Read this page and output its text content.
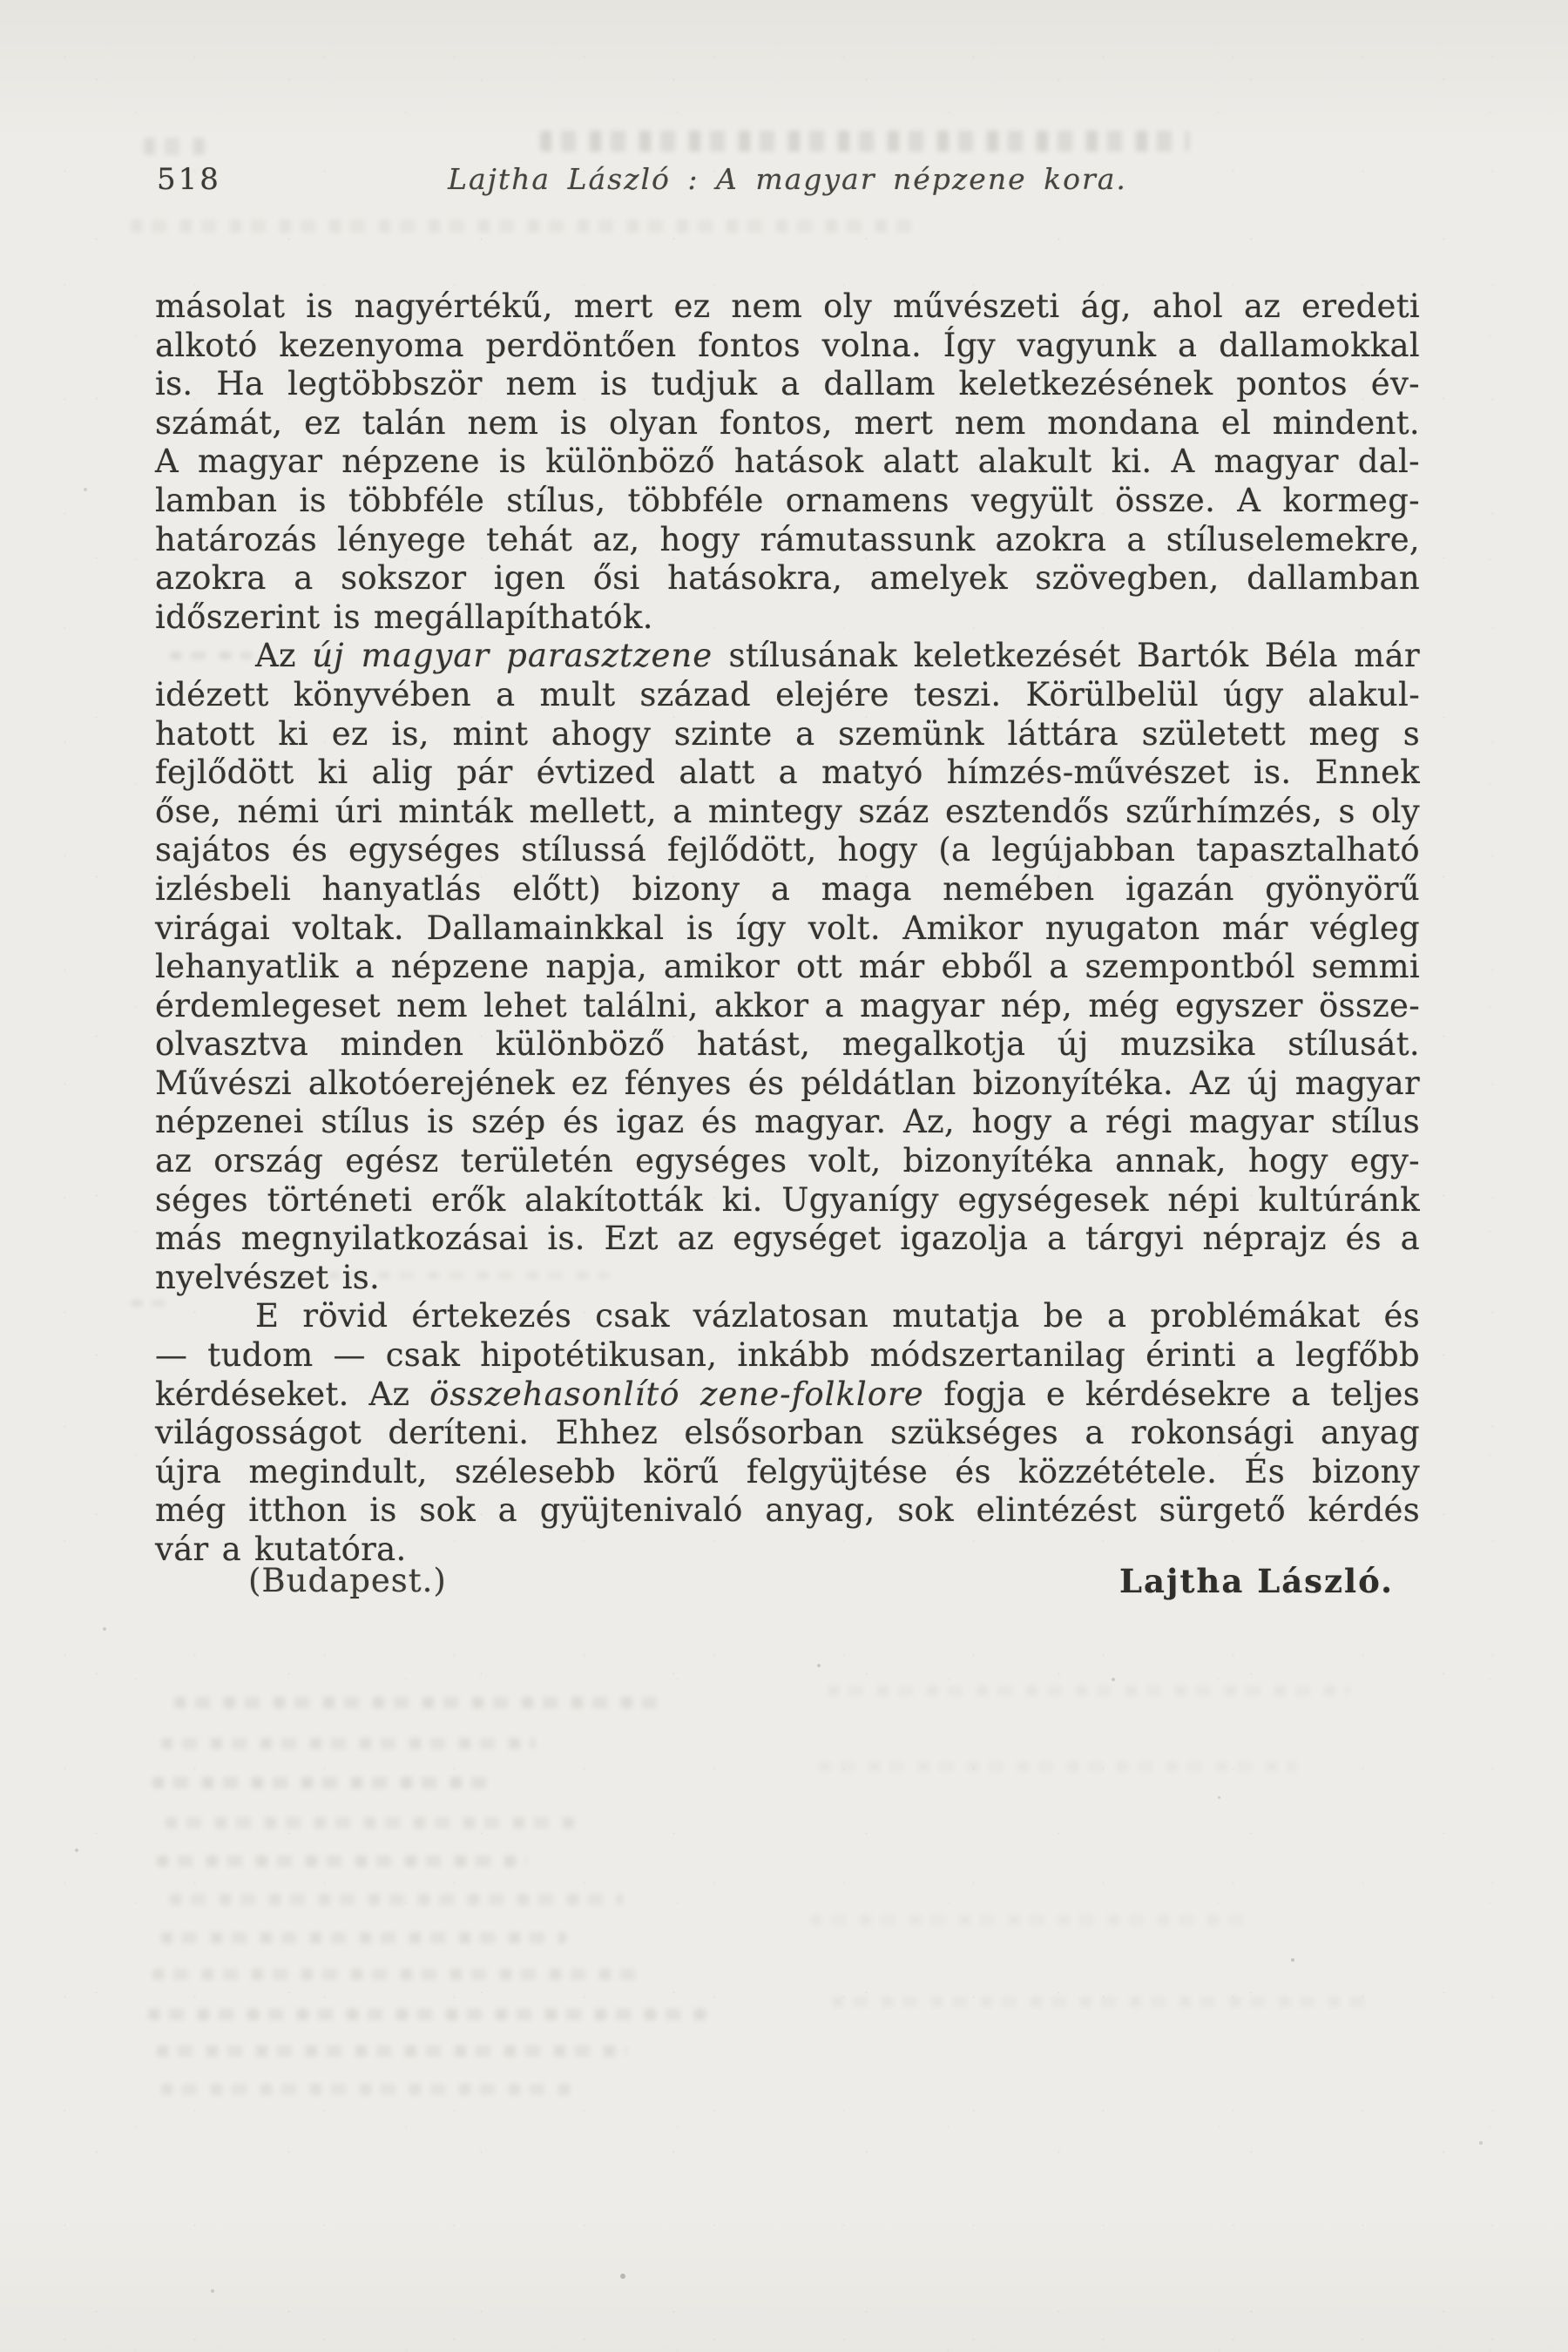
518	Lajtha László : A magyar népzene kora.

másolat is nagyértékű, mert ez nem oly művészeti ág, ahol az eredeti

alkotó kezenyoma perdöntően fontos volna. Így vagyunk a dallamokkal

is. Ha legtöbbször nem is tudjuk a dallam keletkezésének pontos év-

számát, ez talán nem is olyan fontos, mert nem mondana el mindent.

A magyar népzene is különböző hatások alatt alakult ki. A magyar dal-

lamban is többféle stílus, többféle ornamens vegyült össze. A kormeg-

határozás lényege tehát az, hogy rámutassunk azokra a stíluselemekre,

azokra a sokszor igen ősi hatásokra, amelyek szövegben, dallamban

időszerint is megállapíthatók.

Az új magyar parasztzene stílusának keletkezését Bartók Béla már

idézett könyvében a mult század elejére teszi. Körülbelül úgy alakul-

hatott ki ez is, mint ahogy szinte a szemünk láttára született meg s

fejlődött ki alig pár évtized alatt a matyó hímzés-művészet is. Ennek

őse, némi úri minták mellett, a mintegy száz esztendős szűrhímzés, s oly

sajátos és egységes stílussá fejlődött, hogy (a legújabban tapasztalható

izlésbeli hanyatlás előtt) bizony a maga nemében igazán gyönyörű

virágai voltak. Dallamainkkal is így volt. Amikor nyugaton már végleg

lehanyatlik a népzene napja, amikor ott már ebből a szempontból semmi

érdemlegeset nem lehet találni, akkor a magyar nép, még egyszer össze-

olvasztva minden különböző hatást, megalkotja új muzsika stílusát.

Művészi alkotóerejének ez fényes és példátlan bizonyítéka. Az új magyar

népzenei stílus is szép és igaz és magyar. Az, hogy a régi magyar stílus

az ország egész területén egységes volt, bizonyítéka annak, hogy egy-

séges történeti erők alakították ki. Ugyanígy egységesek népi kultúránk

más megnyilatkozásai is. Ezt az egységet igazolja a tárgyi néprajz és a

nyelvészet is.

E rövid értekezés csak vázlatosan mutatja be a problémákat és

— tudom — csak hipotétikusan, inkább módszertanilag érinti a legfőbb

kérdéseket. Az összehasonlító zene-folklore fogja e kérdésekre a teljes

világosságot deríteni. Ehhez elsősorban szükséges a rokonsági anyag

újra megindult, szélesebb körű felgyüjtése és közzététele. És bizony

még itthon is sok a gyüjtenivaló anyag, sok elintézést sürgető kérdés

vár a kutatóra.

(Budapest.)	Lajtha László.
